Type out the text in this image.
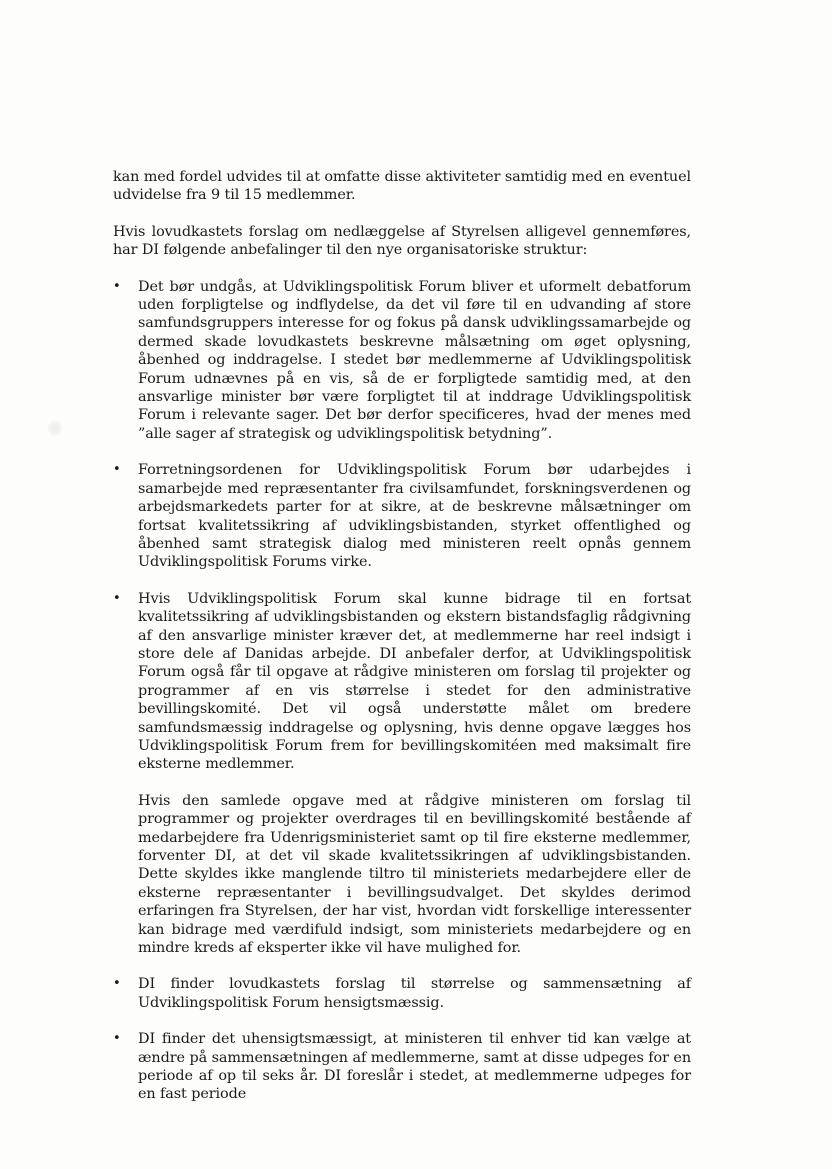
kan med fordel udvides til at omfatte disse aktiviteter samtidig med en eventuel udvidelse fra 9 til 15 medlemmer.

Hvis lovudkastets forslag om nedlæggelse af Styrelsen alligevel gennemføres, har DI følgende anbefalinger til den nye organisatoriske struktur:

• Det bør undgås, at Udviklingspolitisk Forum bliver et uformelt debatforum uden forpligtelse og indflydelse, da det vil føre til en udvanding af store samfundsgruppers interesse for og fokus på dansk udviklingssamarbejde og dermed skade lovudkastets beskrevne målsætning om øget oplysning, åbenhed og inddragelse. I stedet bør medlemmerne af Udviklingspolitisk Forum udnævnes på en vis, så de er forpligtede samtidig med, at den ansvarlige minister bør være forpligtet til at inddrage Udviklingspolitisk Forum i relevante sager. Det bør derfor specificeres, hvad der menes med ”alle sager af strategisk og udviklingspolitisk betydning”.

• Forretningsordenen for Udviklingspolitisk Forum bør udarbejdes i samarbejde med repræsentanter fra civilsamfundet, forskningsverdenen og arbejdsmarkedets parter for at sikre, at de beskrevne målsætninger om fortsat kvalitetssikring af udviklingsbistanden, styrket offentlighed og åbenhed samt strategisk dialog med ministeren reelt opnås gennem Udviklingspolitisk Forums virke.

• Hvis Udviklingspolitisk Forum skal kunne bidrage til en fortsat kvalitetssikring af udviklingsbistanden og ekstern bistandsfaglig rådgivning af den ansvarlige minister kræver det, at medlemmerne har reel indsigt i store dele af Danidas arbejde. DI anbefaler derfor, at Udviklingspolitisk Forum også får til opgave at rådgive ministeren om forslag til projekter og programmer af en vis størrelse i stedet for den administrative bevillingskomité. Det vil også understøtte målet om bredere samfundsmæssig inddragelse og oplysning, hvis denne opgave lægges hos Udviklingspolitisk Forum frem for bevillingskomitéen med maksimalt fire eksterne medlemmer.

Hvis den samlede opgave med at rådgive ministeren om forslag til programmer og projekter overdrages til en bevillingskomité bestående af medarbejdere fra Udenrigsministeriet samt op til fire eksterne medlemmer, forventer DI, at det vil skade kvalitetssikringen af udviklingsbistanden. Dette skyldes ikke manglende tiltro til ministeriets medarbejdere eller de eksterne repræsentanter i bevillingsudvalget. Det skyldes derimod erfaringen fra Styrelsen, der har vist, hvordan vidt forskellige interessenter kan bidrage med værdifuld indsigt, som ministeriets medarbejdere og en mindre kreds af eksperter ikke vil have mulighed for.

• DI finder lovudkastets forslag til størrelse og sammensætning af Udviklingspolitisk Forum hensigtsmæssig.

• DI finder det uhensigtsmæssigt, at ministeren til enhver tid kan vælge at ændre på sammensætningen af medlemmerne, samt at disse udpeges for en periode af op til seks år. DI foreslår i stedet, at medlemmerne udpeges for en fast periode
